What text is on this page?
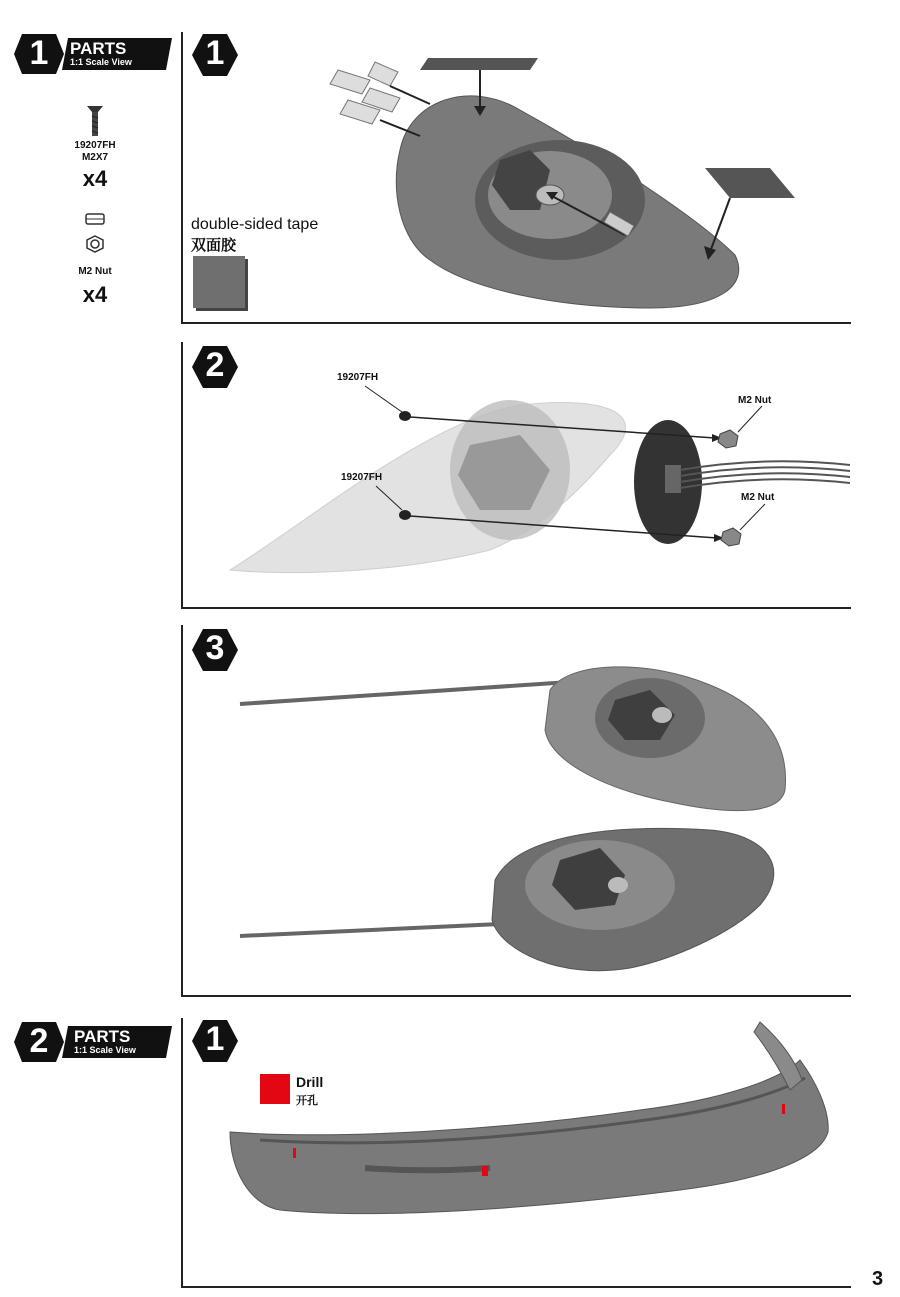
1	PARTS
1:1 Scale View
19207FH
M2X7
x4
M2 Nut
x4
1
double-sided tape
双面胶
2	19207FH
M2 Nut
19207FH
M2 Nut
3
2	PARTS
1:1 Scale View	1
Drill
开孔
3
